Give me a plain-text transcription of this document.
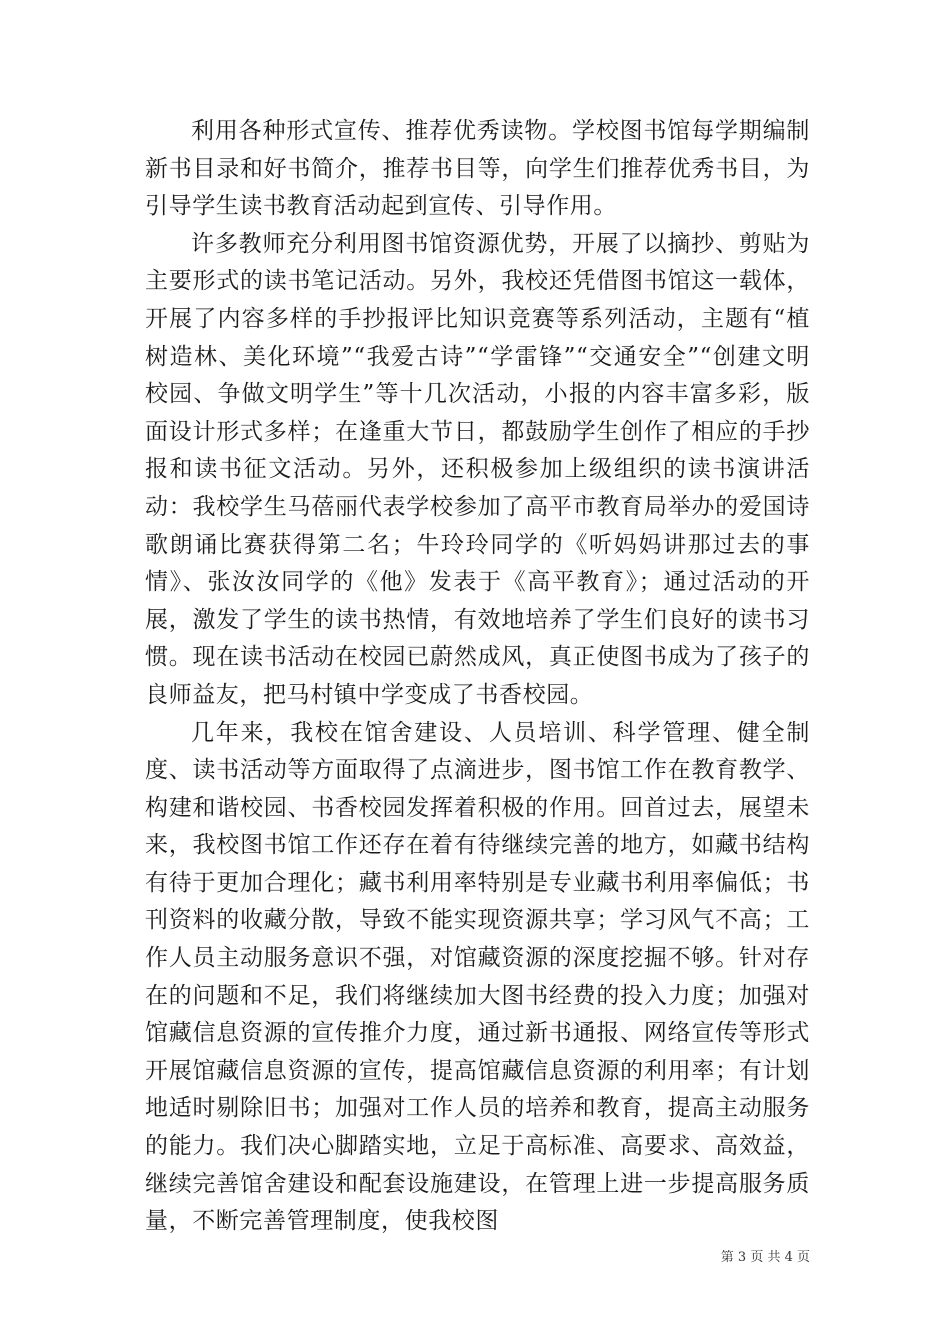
利用各种形式宣传、推荐优秀读物。学校图书馆每学期编制新书目录和好书简介，推荐书目等，向学生们推荐优秀书目，为引导学生读书教育活动起到宣传、引导作用。

许多教师充分利用图书馆资源优势，开展了以摘抄、剪贴为主要形式的读书笔记活动。另外，我校还凭借图书馆这一载体，开展了内容多样的手抄报评比知识竞赛等系列活动，主题有“植树造林、美化环境”“我爱古诗”“学雷锋”“交通安全”“创建文明校园、争做文明学生”等十几次活动，小报的内容丰富多彩，版面设计形式多样；在逢重大节日，都鼓励学生创作了相应的手抄报和读书征文活动。另外，还积极参加上级组织的读书演讲活动：我校学生马蓓丽代表学校参加了高平市教育局举办的爱国诗歌朗诵比赛获得第二名；牛玲玲同学的《听妈妈讲那过去的事情》、张汝汝同学的《他》发表于《高平教育》；通过活动的开展，激发了学生的读书热情，有效地培养了学生们良好的读书习惯。现在读书活动在校园已蔚然成风，真正使图书成为了孩子的良师益友，把马村镇中学变成了书香校园。

几年来，我校在馆舍建设、人员培训、科学管理、健全制度、读书活动等方面取得了点滴进步，图书馆工作在教育教学、构建和谐校园、书香校园发挥着积极的作用。回首过去，展望未来，我校图书馆工作还存在着有待继续完善的地方，如藏书结构有待于更加合理化；藏书利用率特别是专业藏书利用率偏低；书刊资料的收藏分散，导致不能实现资源共享；学习风气不高；工作人员主动服务意识不强，对馆藏资源的深度挖掘不够。针对存在的问题和不足，我们将继续加大图书经费的投入力度；加强对馆藏信息资源的宣传推介力度，通过新书通报、网络宣传等形式开展馆藏信息资源的宣传，提高馆藏信息资源的利用率；有计划地适时剔除旧书；加强对工作人员的培养和教育，提高主动服务的能力。我们决心脚踏实地，立足于高标准、高要求、高效益，继续完善馆舍建设和配套设施建设，在管理上进一步提高服务质量，不断完善管理制度，使我校图

第 3 页 共 4 页
